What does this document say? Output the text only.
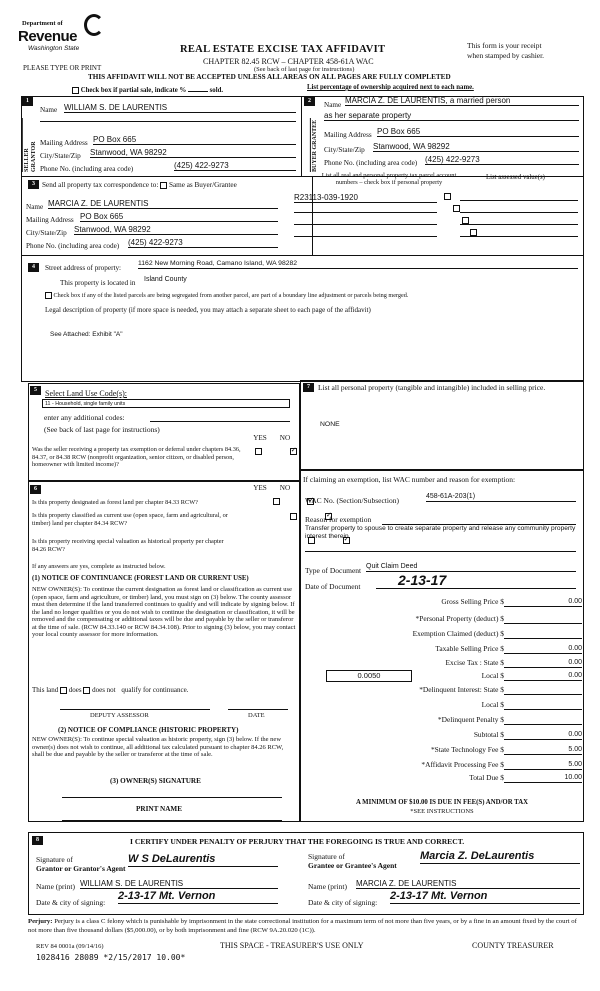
Department of
Revenue
Washington State	REAL ESTATE EXCISE TAX AFFIDAVIT
CHAPTER 82.45 RCW – CHAPTER 458-61A WAC
This form is your receipt
when stamped by cashier.
PLEASE TYPE OR PRINT	(See back of last page for instructions)
THIS AFFIDAVIT WILL NOT BE ACCEPTED UNLESS ALL AREAS ON ALL PAGES ARE FULLY COMPLETED
Check box if partial sale, indicate %	sold.	List percentage of ownership acquired next to each name.
1
SELLER GRANTOR
Name WILLIAM S. DE LAURENTIS
Mailing Address PO Box 665
City/State/Zip Stanwood, WA 98292
Phone No. (including area code)	(425) 422-9273
2
BUYER GRANTEE
Name MARCIA Z. DE LAURENTIS, a married person
as her separate property
Mailing Address PO Box 665
City/State/Zip Stanwood, WA 98292
Phone No. (including area code) (425) 422-9273
3 Send all property tax correspondence to: Same as Buyer/Grantee
Name MARCIA Z. DE LAURENTIS
Mailing Address PO Box 665
City/State/Zip Stanwood, WA 98292
Phone No. (including area code) (425) 422-9273
List all real and personal property tax parcel account
numbers – check box if personal property
List assessed value(s)
R23113-039-1920

4	Street address of property:
1162 New Morning Road, Camano Island, WA 98282
This property is located in Island County
Check box if any of the listed parcels are being segregated from another parcel, are part of a boundary line adjustment or parcels being merged.
Legal description of property (if more space is needed, you may attach a separate sheet to each page of the affidavit)
See Attached: Exhibit "A"
5	Select Land Use Code(s):
11 - Household, single family units
enter any additional codes:
(See back of last page for instructions)
YES NO
Was the seller receiving a property tax exemption or deferral under chapters 84.36, 84.37, or 84.38 RCW (nonprofit organization, senior citizen, or disabled person, homeowner with limited income)?
✓
6	YES NO
Is this property designated as forest land per chapter 84.33 RCW?
✓
Is this property classified as current use (open space, farm and agricultural, or timber) land per chapter 84.34 RCW?
✓
Is this property receiving special valuation as historical property per chapter 84.26 RCW?
✓
If any answers are yes, complete as instructed below.
(1) NOTICE OF CONTINUANCE (FOREST LAND OR CURRENT USE)
NEW OWNER(S): To continue the current designation as forest land or classification as current use (open space, farm and agriculture, or timber) land, you must sign on (3) below. The county assessor must then determine if the land transferred continues to qualify and will indicate by signing below. If the land no longer qualifies or you do not wish to continue the designation or classification, it will be removed and the compensating or additional taxes will be due and payable by the seller or transferor at the time of sale. (RCW 84.33.140 or RCW 84.34.108). Prior to signing (3) below, you may contact your local county assessor for more information.
This land does does not qualify for continuance.
DEPUTY ASSESSOR	DATE
(2) NOTICE OF COMPLIANCE (HISTORIC PROPERTY)
NEW OWNER(S): To continue special valuation as historic property, sign (3) below. If the new owner(s) does not wish to continue, all additional tax calculated pursuant to chapter 84.26 RCW, shall be due and payable by the seller or transferor at the time of sale.
(3) OWNER(S) SIGNATURE
PRINT NAME
7	List all personal property (tangible and intangible) included in selling price.
NONE
If claiming an exemption, list WAC number and reason for exemption:
WAC No. (Section/Subsection)	458-61A-203(1)
Reason for exemption
Transfer property to spouse to create separate property and release any community property interest therein.
Type of Document Quit Claim Deed
Date of Document	2-13-17
Gross Selling Price $	0.00
*Personal Property (deduct) $

Exemption Claimed (deduct) $

Taxable Selling Price $	0.00
Excise Tax : State $	0.00
0.0050	Local $	0.00
*Delinquent Interest: State $

Local $

*Delinquent Penalty $

Subtotal $	0.00
*State Technology Fee $	5.00
*Affidavit Processing Fee $	5.00
Total Due $	10.00
A MINIMUM OF $10.00 IS DUE IN FEE(S) AND/OR TAX
*SEE INSTRUCTIONS
8	I CERTIFY UNDER PENALTY OF PERJURY THAT THE FOREGOING IS TRUE AND CORRECT.
Signature of
Grantor or Grantor's Agent
W S DeLaurentis
Name (print) WILLIAM S. DE LAURENTIS
Date & city of signing:
2-13-17 Mt. Vernon
Signature of
Grantee or Grantee's Agent
Marcia Z. DeLaurentis
Name (print) MARCIA Z. DE LAURENTIS
Date & city of signing:
2-13-17 Mt. Vernon
Perjury: Perjury is a class C felony which is punishable by imprisonment in the state correctional institution for a maximum term of not more than five years, or by a fine in an amount fixed by the court of not more than five thousand dollars ($5,000.00), or by both imprisonment and fine (RCW 9A.20.020 (1C)).
REV 84 0001a (09/14/16)	THIS SPACE - TREASURER'S USE ONLY	COUNTY TREASURER
1028416 28089 *2/15/2017 10.00*
